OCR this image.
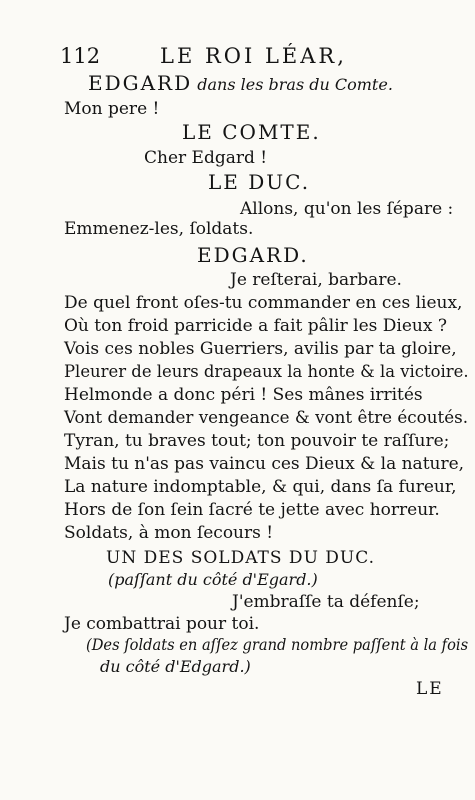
112	LE ROI LÉAR,
EDGARD dans les bras du Comte.
Mon pere !
LE COMTE.
Cher Edgard !
LE DUC.
Allons, qu'on les ſépare :
Emmenez-les, ſoldats.
EDGARD.
Je reſterai, barbare.
De quel front oſes-tu commander en ces lieux,
Où ton froid parricide a fait pâlir les Dieux ?
Vois ces nobles Guerriers, avilis par ta gloire,
Pleurer de leurs drapeaux la honte & la victoire.
Helmonde a donc péri ! Ses mânes irrités
Vont demander vengeance & vont être écoutés.
Tyran, tu braves tout; ton pouvoir te raſſure;
Mais tu n'as pas vaincu ces Dieux & la nature,
La nature indomptable, & qui, dans ſa fureur,
Hors de ſon ſein ſacré te jette avec horreur.
Soldats, à mon ſecours !
UN DES SOLDATS DU DUC.
(paſſant du côté d'Egard.)
J'embraſſe ta défenſe;
Je combattrai pour toi.
(Des ſoldats en aſſez grand nombre paſſent à la fois
du côté d'Edgard.)
LE
